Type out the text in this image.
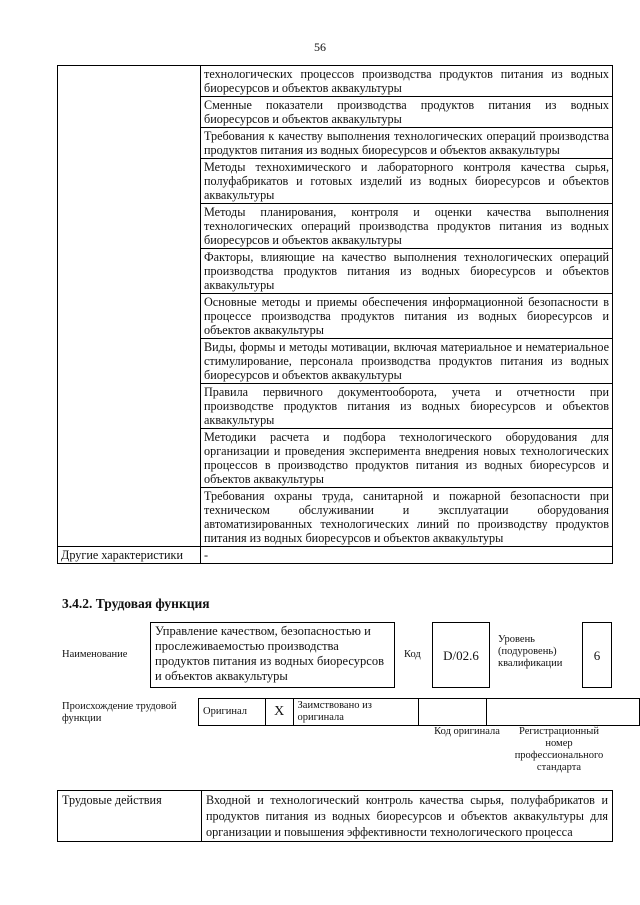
56
	технологических процессов производства продуктов питания из водных биоресурсов и объектов аквакультуры
	Сменные показатели производства продуктов питания из водных биоресурсов и объектов аквакультуры
	Требования к качеству выполнения технологических операций производства продуктов питания из водных биоресурсов и объектов аквакультуры
	Методы технохимического и лабораторного контроля качества сырья, полуфабрикатов и готовых изделий из водных биоресурсов и объектов аквакультуры
	Методы планирования, контроля и оценки качества выполнения технологических операций производства продуктов питания из водных биоресурсов и объектов аквакультуры
	Факторы, влияющие на качество выполнения технологических операций производства продуктов питания из водных биоресурсов и объектов аквакультуры
	Основные методы и приемы обеспечения информационной безопасности в процессе производства продуктов питания из водных биоресурсов и объектов аквакультуры
	Виды, формы и методы мотивации, включая материальное и нематериальное стимулирование, персонала производства продуктов питания из водных биоресурсов и объектов аквакультуры
	Правила первичного документооборота, учета и отчетности при производстве продуктов питания из водных биоресурсов и объектов аквакультуры
	Методики расчета и подбора технологического оборудования для организации и проведения эксперимента внедрения новых технологических процессов в производство продуктов питания из водных биоресурсов и объектов аквакультуры
	Требования охраны труда, санитарной и пожарной безопасности при техническом обслуживании и эксплуатации оборудования автоматизированных технологических линий по производству продуктов питания из водных биоресурсов и объектов аквакультуры
Другие характеристики	-
3.4.2. Трудовая функция
Наименование
Управление качеством, безопасностью и прослеживаемостью производства продуктов питания из водных биоресурсов и объектов аквакультуры
Код	D/02.6
Уровень (подуровень) квалификации
6
Происхождение трудовой функции
Оригинал	X	Заимствовано из оригинала		
Код оригинала	Регистрационный номер профессионального стандарта
Трудовые действия	Входной и технологический контроль качества сырья, полуфабрикатов и продуктов питания из водных биоресурсов и объектов аквакультуры для организации и повышения эффективности технологического процесса
